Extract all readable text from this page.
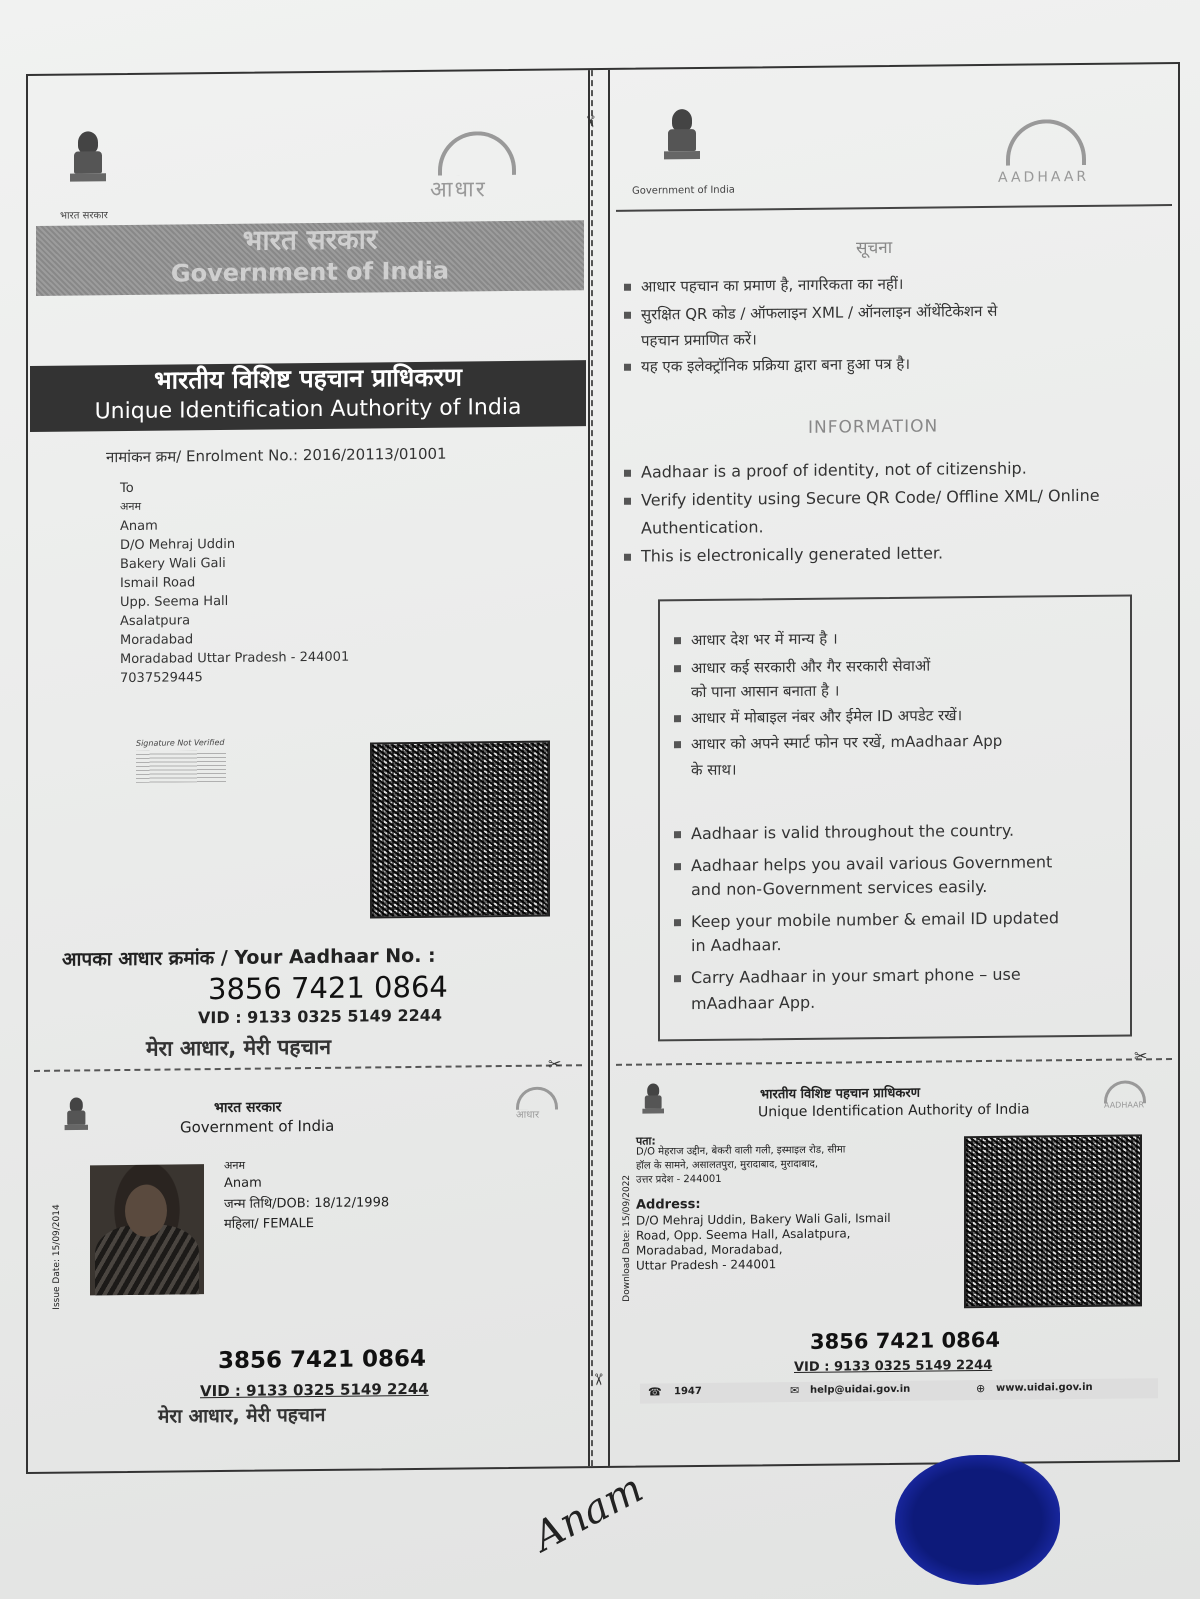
भारत सरकार
आधार
भारत सरकार
Government of India
भारतीय विशिष्ट पहचान प्राधिकरण
Unique Identification Authority of India
नामांकन क्रम/ Enrolment No.: 2016/20113/01001
To
अनम
Anam
D/O Mehraj Uddin
Bakery Wali Gali
Ismail Road
Upp. Seema Hall
Asalatpura
Moradabad
Moradabad Uttar Pradesh - 244001
7037529445
Signature Not Verified
आपका आधार क्रमांक / Your Aadhaar No. :
3856 7421 0864
VID : 9133 0325 5149 2244
मेरा आधार, मेरी पहचान
✂
भारत सरकार
Government of India
आधार
Issue Date: 15/09/2014
अनम
Anam
जन्म तिथि/DOB: 18/12/1998
महिला/ FEMALE
3856 7421 0864
VID : 9133 0325 5149 2244
मेरा आधार, मेरी पहचान
✂
✂
Government of India
AADHAAR
सूचना
आधार पहचान का प्रमाण है, नागरिकता का नहीं।
सुरक्षित QR कोड / ऑफलाइन XML / ऑनलाइन ऑथेंटिकेशन से
पहचान प्रमाणित करें।
यह एक इलेक्ट्रॉनिक प्रक्रिया द्वारा बना हुआ पत्र है।
INFORMATION
Aadhaar is a proof of identity, not of citizenship.
Verify identity using Secure QR Code/ Offline XML/ Online
Authentication.
This is electronically generated letter.
आधार देश भर में मान्य है ।
आधार कई सरकारी और गैर सरकारी सेवाओं
को पाना आसान बनाता है ।
आधार में मोबाइल नंबर और ईमेल ID अपडेट रखें।
आधार को अपने स्मार्ट फोन पर रखें, mAadhaar App
के साथ।
Aadhaar is valid throughout the country.
Aadhaar helps you avail various Government
and non-Government services easily.
Keep your mobile number & email ID updated
in Aadhaar.
Carry Aadhaar in your smart phone – use
mAadhaar App.
✂
भारतीय विशिष्ट पहचान प्राधिकरण
Unique Identification Authority of India	AADHAAR
Download Date: 15/09/2022
पता:
D/O मेहराज उद्दीन, बेकरी वाली गली, इस्माइल रोड, सीमा
हॉल के सामने, असालतपुरा, मुरादाबाद, मुरादाबाद,
उत्तर प्रदेश - 244001
Address:
D/O Mehraj Uddin, Bakery Wali Gali, Ismail
Road, Opp. Seema Hall, Asalatpura,
Moradabad, Moradabad,
Uttar Pradesh - 244001
3856 7421 0864
VID : 9133 0325 5149 2244
☎ 1947	✉ help@uidai.gov.in	⊕ www.uidai.gov.in
Anam
